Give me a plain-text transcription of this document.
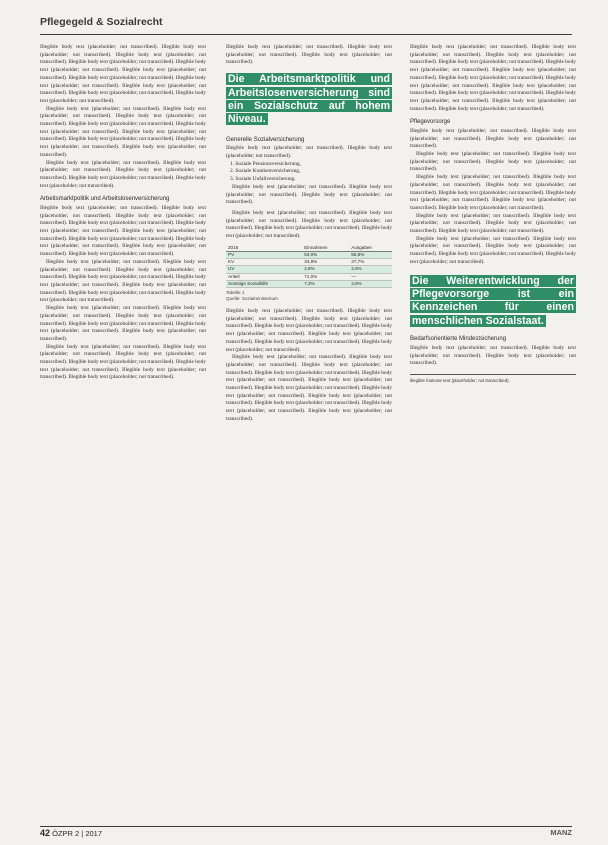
Pflegegeld & Sozialrecht

Illegible body text (placeholder; not transcribed). Illegible body text (placeholder; not transcribed). Illegible body text (placeholder; not transcribed). Illegible body text (placeholder; not transcribed). Illegible body text (placeholder; not transcribed). Illegible body text (placeholder; not transcribed). Illegible body text (placeholder; not transcribed). Illegible body text (placeholder; not transcribed). Illegible body text (placeholder; not transcribed). Illegible body text (placeholder; not transcribed). Illegible body text (placeholder; not transcribed).

Illegible body text (placeholder; not transcribed). Illegible body text (placeholder; not transcribed). Illegible body text (placeholder; not transcribed). Illegible body text (placeholder; not transcribed). Illegible body text (placeholder; not transcribed). Illegible body text (placeholder; not transcribed). Illegible body text (placeholder; not transcribed). Illegible body text (placeholder; not transcribed). Illegible body text (placeholder; not transcribed).

Illegible body text (placeholder; not transcribed). Illegible body text (placeholder; not transcribed). Illegible body text (placeholder; not transcribed). Illegible body text (placeholder; not transcribed). Illegible body text (placeholder; not transcribed).

Arbeitsmarktpolitik und Arbeitslosenversicherung

Illegible body text (placeholder; not transcribed). Illegible body text (placeholder; not transcribed). Illegible body text (placeholder; not transcribed). Illegible body text (placeholder; not transcribed). Illegible body text (placeholder; not transcribed). Illegible body text (placeholder; not transcribed). Illegible body text (placeholder; not transcribed). Illegible body text (placeholder; not transcribed). Illegible body text (placeholder; not transcribed). Illegible body text (placeholder; not transcribed).

Illegible body text (placeholder; not transcribed). Illegible body text (placeholder; not transcribed). Illegible body text (placeholder; not transcribed). Illegible body text (placeholder; not transcribed). Illegible body text (placeholder; not transcribed). Illegible body text (placeholder; not transcribed). Illegible body text (placeholder; not transcribed). Illegible body text (placeholder; not transcribed).

Illegible body text (placeholder; not transcribed). Illegible body text (placeholder; not transcribed). Illegible body text (placeholder; not transcribed). Illegible body text (placeholder; not transcribed). Illegible body text (placeholder; not transcribed). Illegible body text (placeholder; not transcribed).

Illegible body text (placeholder; not transcribed). Illegible body text (placeholder; not transcribed). Illegible body text (placeholder; not transcribed). Illegible body text (placeholder; not transcribed). Illegible body text (placeholder; not transcribed). Illegible body text (placeholder; not transcribed). Illegible body text (placeholder; not transcribed).

Illegible body text (placeholder; not transcribed). Illegible body text (placeholder; not transcribed). Illegible body text (placeholder; not transcribed).

Die Arbeitsmarktpolitik und Arbeitslosenversicherung sind ein Sozialschutz auf hohem Niveau.
Generelle Sozialversicherung

Illegible body text (placeholder; not transcribed). Illegible body text (placeholder; not transcribed).

1. Soziale Pensionsversicherung,
2. Soziale Krankenversicherung,
3. Soziale Unfallversicherung.

Illegible body text (placeholder; not transcribed). Illegible body text (placeholder; not transcribed). Illegible body text (placeholder; not transcribed).

Illegible body text (placeholder; not transcribed). Illegible body text (placeholder; not transcribed). Illegible body text (placeholder; not transcribed). Illegible body text (placeholder; not transcribed). Illegible body text (placeholder; not transcribed).

2015	Einnahmen	Ausgaben
PV	53,0%	55,8%
KV	34,9%	37,7%
UV	2,8%	2,8%
Anteil	71,0%	—
Sonstige Sozialhilfe	7,3%	3,8%
Tabelle 1
Quelle: Sozialministerium

Illegible body text (placeholder; not transcribed). Illegible body text (placeholder; not transcribed). Illegible body text (placeholder; not transcribed). Illegible body text (placeholder; not transcribed). Illegible body text (placeholder; not transcribed). Illegible body text (placeholder; not transcribed). Illegible body text (placeholder; not transcribed). Illegible body text (placeholder; not transcribed).

Illegible body text (placeholder; not transcribed). Illegible body text (placeholder; not transcribed). Illegible body text (placeholder; not transcribed). Illegible body text (placeholder; not transcribed). Illegible body text (placeholder; not transcribed). Illegible body text (placeholder; not transcribed). Illegible body text (placeholder; not transcribed). Illegible body text (placeholder; not transcribed). Illegible body text (placeholder; not transcribed). Illegible body text (placeholder; not transcribed). Illegible body text (placeholder; not transcribed). Illegible body text (placeholder; not transcribed).

Illegible body text (placeholder; not transcribed). Illegible body text (placeholder; not transcribed). Illegible body text (placeholder; not transcribed). Illegible body text (placeholder; not transcribed). Illegible body text (placeholder; not transcribed). Illegible body text (placeholder; not transcribed). Illegible body text (placeholder; not transcribed). Illegible body text (placeholder; not transcribed). Illegible body text (placeholder; not transcribed). Illegible body text (placeholder; not transcribed). Illegible body text (placeholder; not transcribed). Illegible body text (placeholder; not transcribed). Illegible body text (placeholder; not transcribed).

Pflegevorsorge

Illegible body text (placeholder; not transcribed). Illegible body text (placeholder; not transcribed). Illegible body text (placeholder; not transcribed).

Illegible body text (placeholder; not transcribed). Illegible body text (placeholder; not transcribed). Illegible body text (placeholder; not transcribed).

Illegible body text (placeholder; not transcribed). Illegible body text (placeholder; not transcribed). Illegible body text (placeholder; not transcribed). Illegible body text (placeholder; not transcribed). Illegible body text (placeholder; not transcribed). Illegible body text (placeholder; not transcribed). Illegible body text (placeholder; not transcribed).

Illegible body text (placeholder; not transcribed). Illegible body text (placeholder; not transcribed). Illegible body text (placeholder; not transcribed). Illegible body text (placeholder; not transcribed).

Illegible body text (placeholder; not transcribed). Illegible body text (placeholder; not transcribed). Illegible body text (placeholder; not transcribed). Illegible body text (placeholder; not transcribed). Illegible body text (placeholder; not transcribed).

Die Weiterentwicklung der Pflegevorsorge ist ein Kennzeichen für einen menschlichen Sozialstaat.
Bedarfsorientierte Mindestsicherung

Illegible body text (placeholder; not transcribed). Illegible body text (placeholder; not transcribed). Illegible body text (placeholder; not transcribed).

Illegible footnote text (placeholder; not transcribed).
42 ÖZPR 2 | 2017	MANZ
